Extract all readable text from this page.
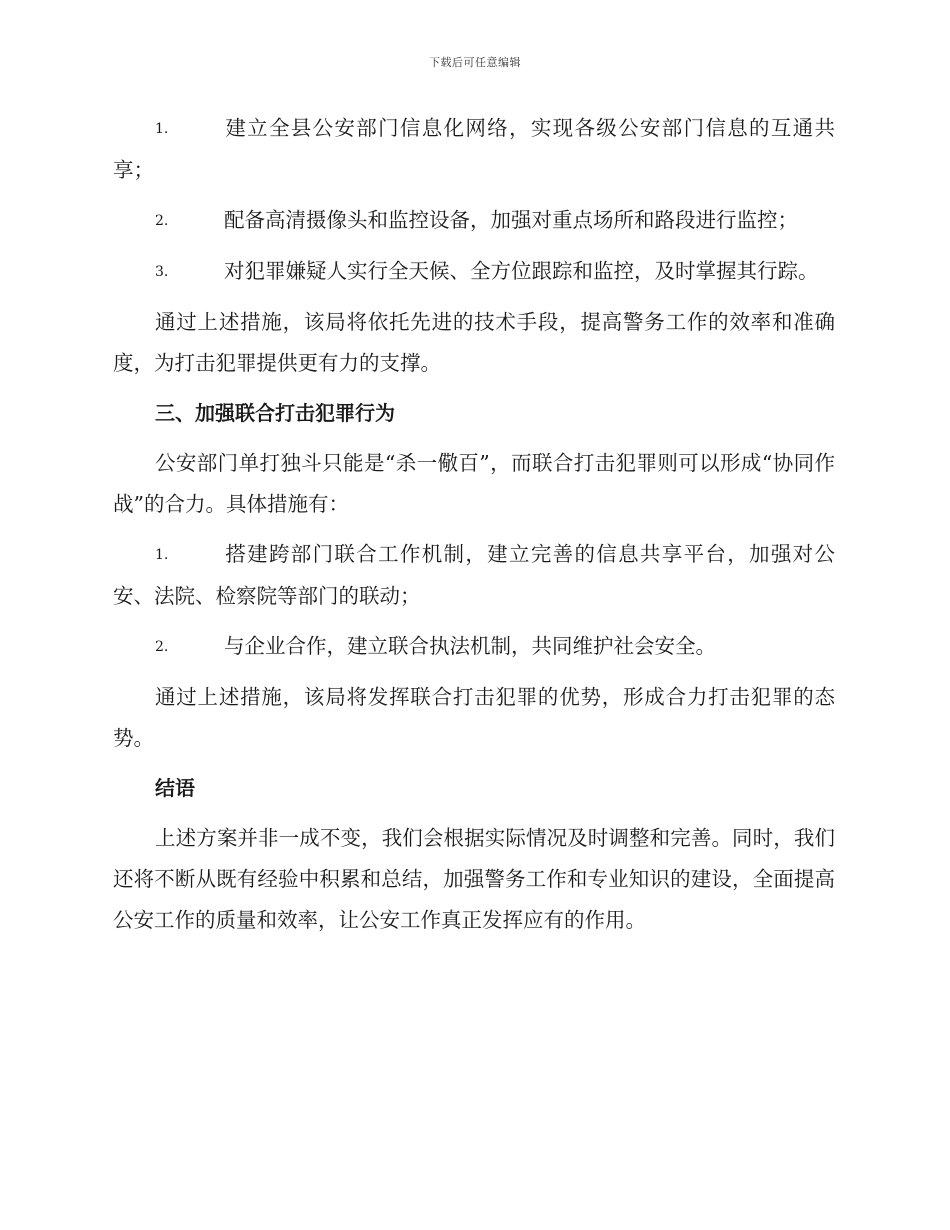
下载后可任意编辑
1.	建立全县公安部门信息化网络，实现各级公安部门信息的互通共享；
2.	配备高清摄像头和监控设备，加强对重点场所和路段进行监控；
3.	对犯罪嫌疑人实行全天候、全方位跟踪和监控，及时掌握其行踪。
通过上述措施，该局将依托先进的技术手段，提高警务工作的效率和准确度，为打击犯罪提供更有力的支撑。
三、加强联合打击犯罪行为
公安部门单打独斗只能是“杀一儆百”，而联合打击犯罪则可以形成“协同作战”的合力。具体措施有：
1.	搭建跨部门联合工作机制，建立完善的信息共享平台，加强对公安、法院、检察院等部门的联动；
2.	与企业合作，建立联合执法机制，共同维护社会安全。
通过上述措施，该局将发挥联合打击犯罪的优势，形成合力打击犯罪的态势。
结语
上述方案并非一成不变，我们会根据实际情况及时调整和完善。同时，我们还将不断从既有经验中积累和总结，加强警务工作和专业知识的建设，全面提高公安工作的质量和效率，让公安工作真正发挥应有的作用。
